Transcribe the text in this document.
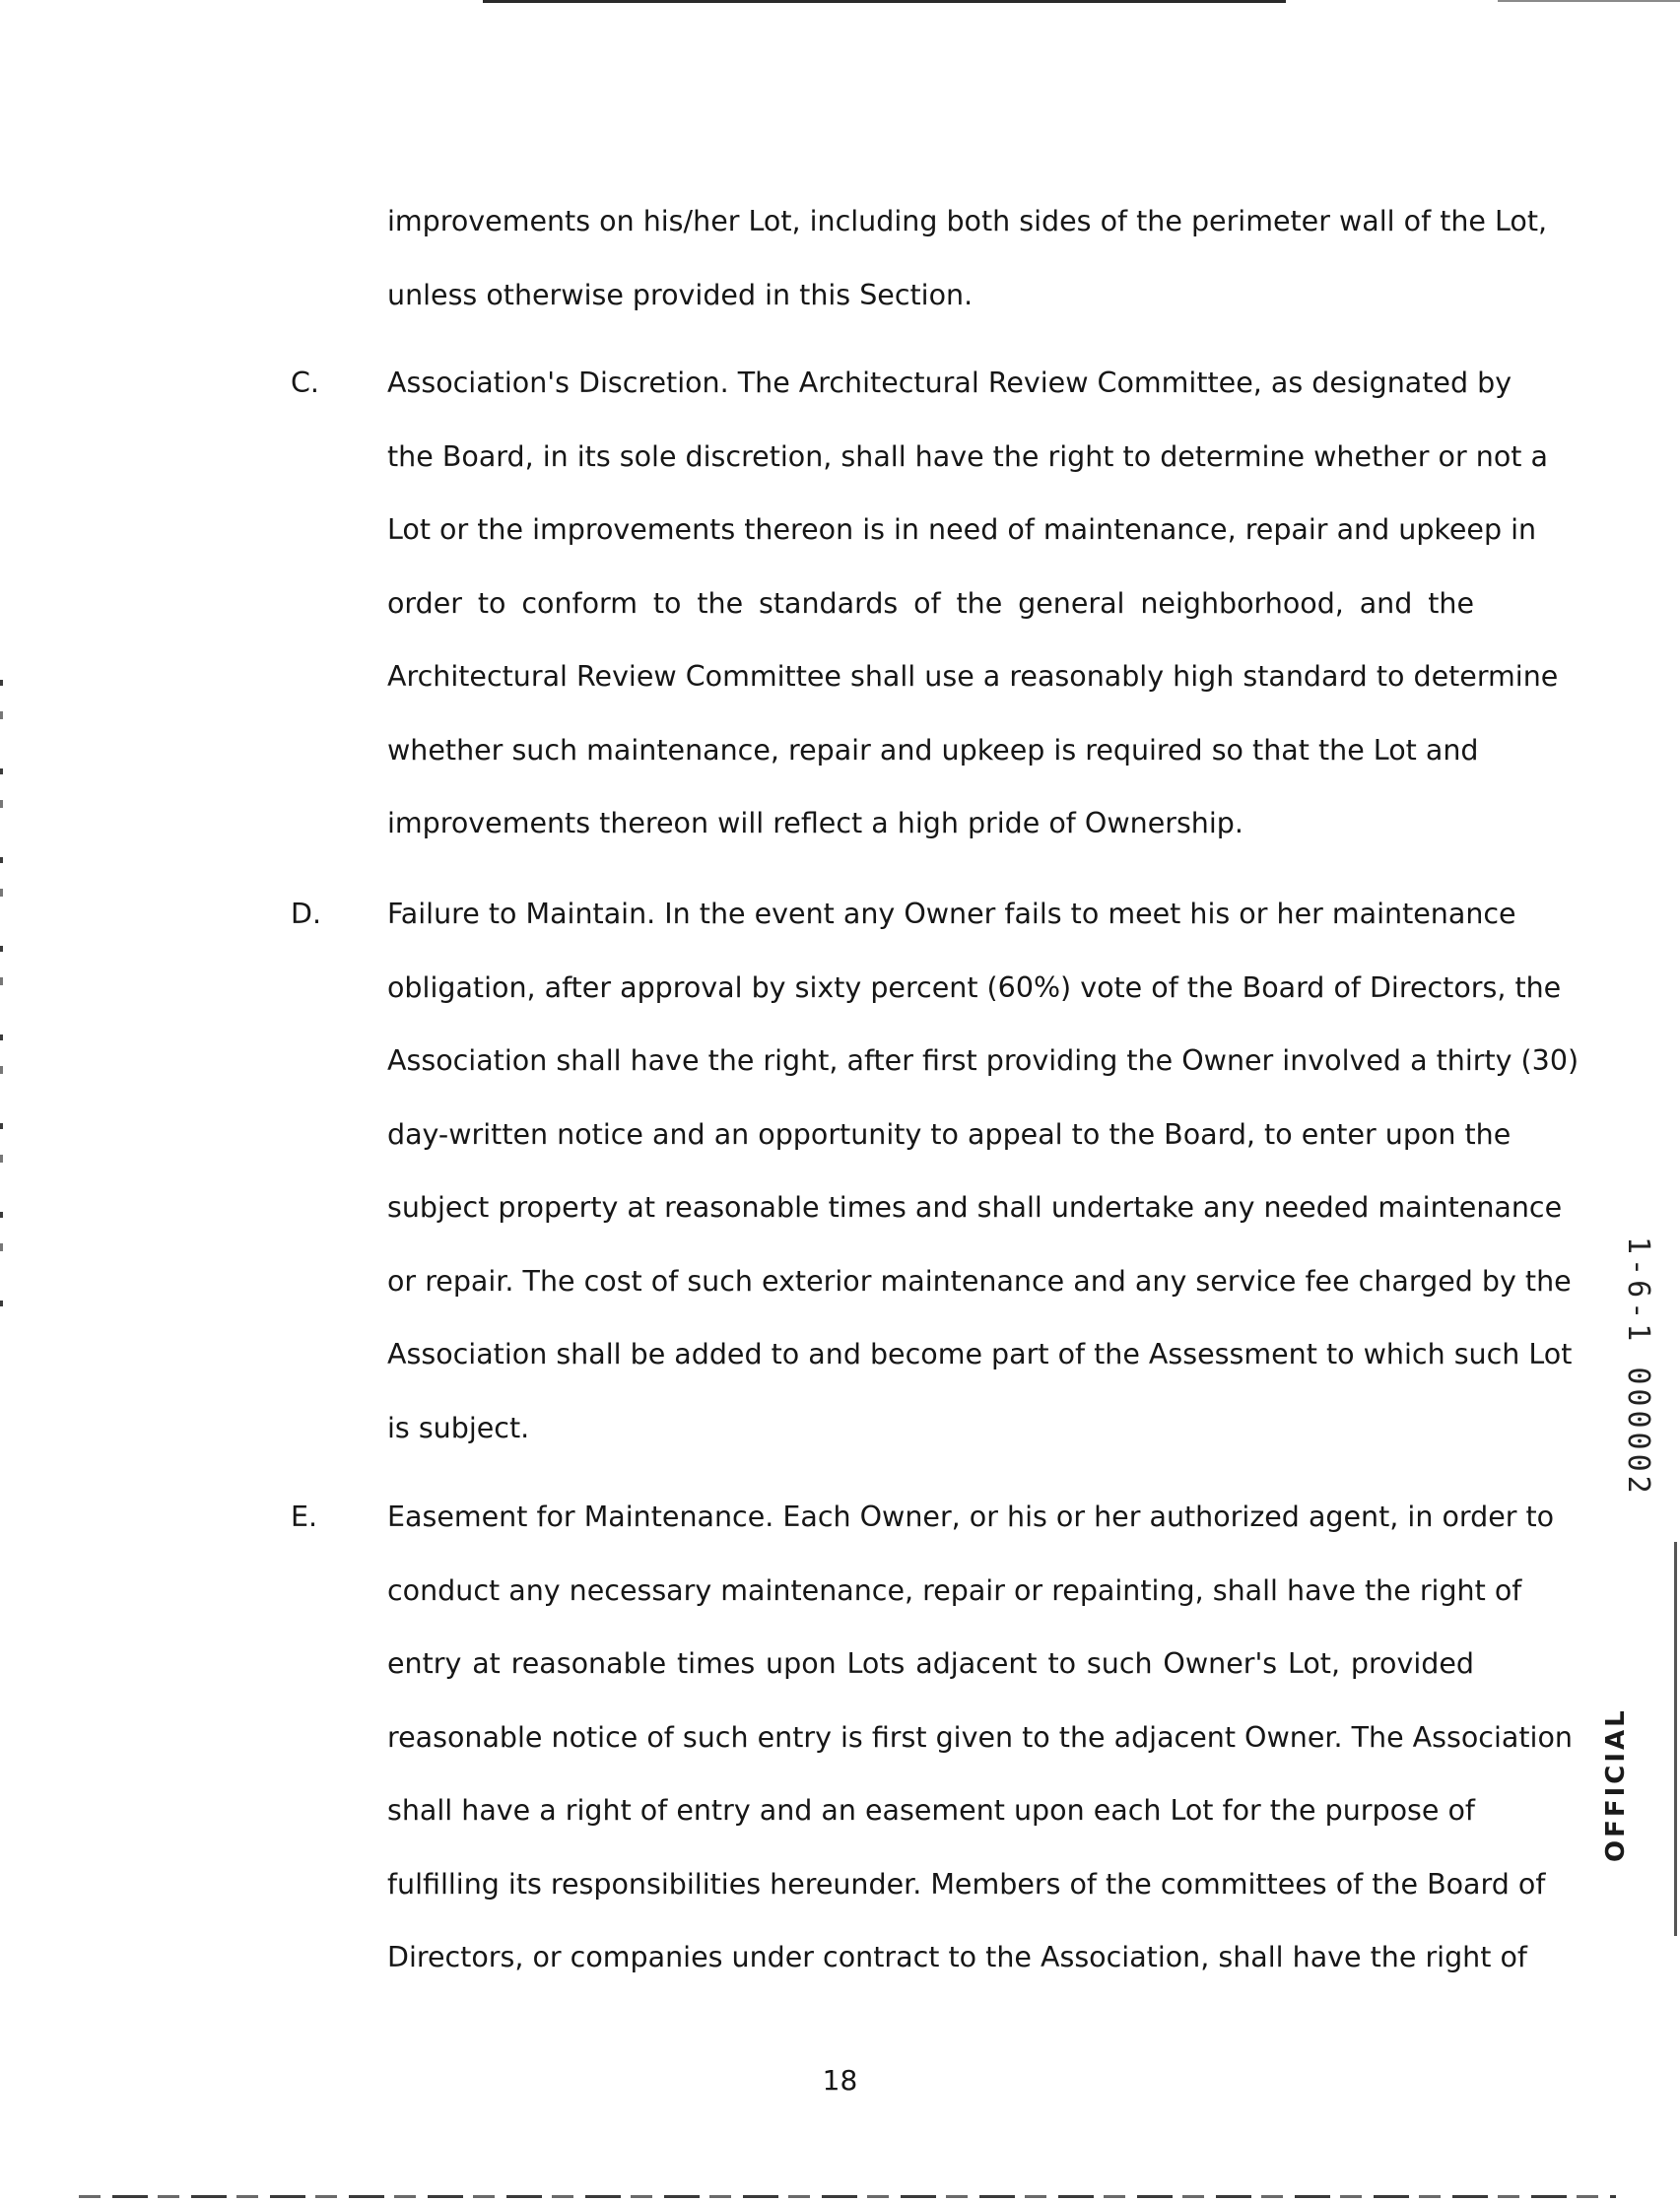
improvements on his/her Lot, including both sides of the perimeter wall of the Lot,
unless otherwise provided in this Section.
C. Association's Discretion. The Architectural Review Committee, as designated by
the Board, in its sole discretion, shall have the right to determine whether or not a
Lot or the improvements thereon is in need of maintenance, repair and upkeep in
order to conform to the standards of the general neighborhood, and the
Architectural Review Committee shall use a reasonably high standard to determine
whether such maintenance, repair and upkeep is required so that the Lot and
improvements thereon will reflect a high pride of Ownership.
D. Failure to Maintain. In the event any Owner fails to meet his or her maintenance
obligation, after approval by sixty percent (60%) vote of the Board of Directors, the
Association shall have the right, after first providing the Owner involved a thirty (30)
day-written notice and an opportunity to appeal to the Board, to enter upon the
subject property at reasonable times and shall undertake any needed maintenance
or repair. The cost of such exterior maintenance and any service fee charged by the
Association shall be added to and become part of the Assessment to which such Lot
is subject.
E. Easement for Maintenance. Each Owner, or his or her authorized agent, in order to
conduct any necessary maintenance, repair or repainting, shall have the right of
entry at reasonable times upon Lots adjacent to such Owner's Lot, provided
reasonable notice of such entry is first given to the adjacent Owner. The Association
shall have a right of entry and an easement upon each Lot for the purpose of
fulfilling its responsibilities hereunder. Members of the committees of the Board of
Directors, or companies under contract to the Association, shall have the right of
18
1-6-1 000002
OFFICIAL
